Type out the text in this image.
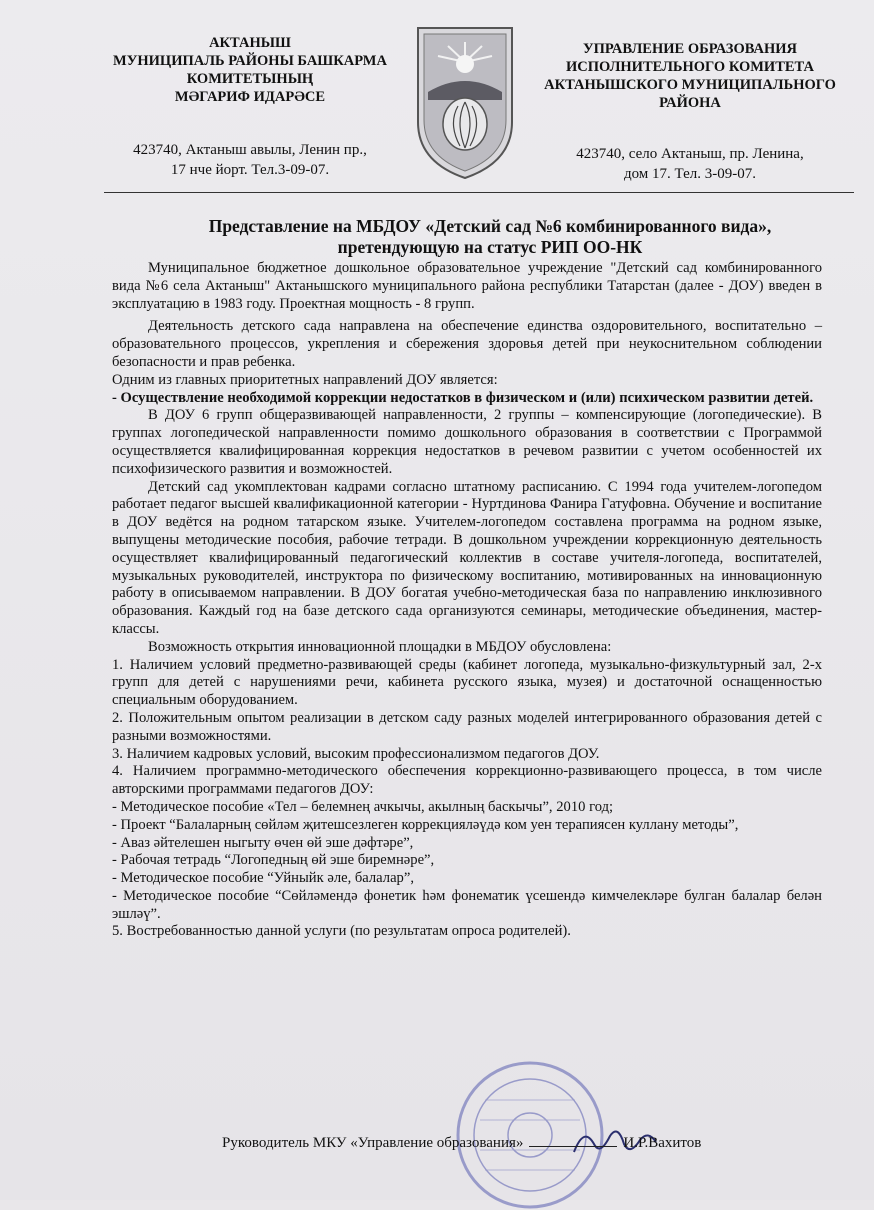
АКТАНЫШ
МУНИЦИПАЛЬ РАЙОНЫ БАШКАРМА
КОМИТЕТЫНЫҢ
МӘГАРИФ ИДАРӘСЕ
423740, Актаныш авылы, Ленин пр.,
17 нче йорт. Тел.3-09-07.
УПРАВЛЕНИЕ ОБРАЗОВАНИЯ
ИСПОЛНИТЕЛЬНОГО КОМИТЕТА
АКТАНЫШСКОГО МУНИЦИПАЛЬНОГО
РАЙОНА
423740, село Актаныш, пр. Ленина,
дом 17. Тел. 3-09-07.
Представление на МБДОУ «Детский сад №6 комбинированного вида»,
претендующую на статус РИП ОО-НК

Муниципальное бюджетное дошкольное образовательное учреждение "Детский сад комбинированного вида №6 села Актаныш" Актанышского муниципального района республики Татарстан (далее - ДОУ) введен в эксплуатацию в 1983 году. Проектная мощность - 8 групп.

Деятельность детского сада направлена на обеспечение единства оздоровительного, воспитательно – образовательного процессов, укрепления и сбережения здоровья детей при неукоснительном соблюдении безопасности и прав ребенка.

Одним из главных приоритетных направлений ДОУ является:

- Осуществление необходимой коррекции недостатков в физическом и (или) психическом развитии детей.

В ДОУ 6 групп общеразвивающей направленности, 2 группы – компенсирующие (логопедические). В группах логопедической направленности помимо дошкольного образования в соответствии с Программой осуществляется квалифицированная коррекция недостатков в речевом развитии с учетом особенностей их психофизического развития и возможностей.

Детский сад укомплектован кадрами согласно штатному расписанию. С 1994 года учителем-логопедом работает педагог высшей квалификационной категории - Нуртдинова Фанира Гатуфовна. Обучение и воспитание в ДОУ ведётся на родном татарском языке. Учителем-логопедом составлена программа на родном языке, выпущены методические пособия, рабочие тетради. В дошкольном учреждении коррекционную деятельность осуществляет квалифицированный педагогический коллектив в составе учителя-логопеда, воспитателей, музыкальных руководителей, инструктора по физическому воспитанию, мотивированных на инновационную работу в описываемом направлении. В ДОУ богатая учебно-методическая база по направлению инклюзивного образования. Каждый год на базе детского сада организуются семинары, методические объединения, мастер-классы.

Возможность открытия инновационной площадки в МБДОУ обусловлена:

1. Наличием условий предметно-развивающей среды (кабинет логопеда, музыкально-физкультурный зал, 2-х групп для детей с нарушениями речи, кабинета русского языка, музея) и достаточной оснащенностью специальным оборудованием.

2. Положительным опытом реализации в детском саду разных моделей интегрированного образования детей с разными возможностями.

3. Наличием кадровых условий, высоким профессионализмом педагогов ДОУ.

4. Наличием программно-методического обеспечения коррекционно-развивающего процесса, в том числе авторскими программами педагогов ДОУ:

- Методическое пособие «Тел – белемнең ачкычы, акылның баскычы”, 2010 год;

- Проект “Балаларның сөйләм җитешсезлеген коррекцияләүдә ком уен терапиясен куллану методы”,

- Аваз әйтелешен ныгыту өчен өй эше дәфтәре”,

- Рабочая тетрадь “Логопедның өй эше биремнәре”,

- Методическое пособие “Уйныйк әле, балалар”,

- Методическое пособие “Сөйләмендә фонетик һәм фонематик үсешендә кимчелекләре булган балалар белән эшләү”.

5. Востребованностью данной услуги (по результатам опроса родителей).

Руководитель МКУ «Управление образования»	И.Р.Вахитов
